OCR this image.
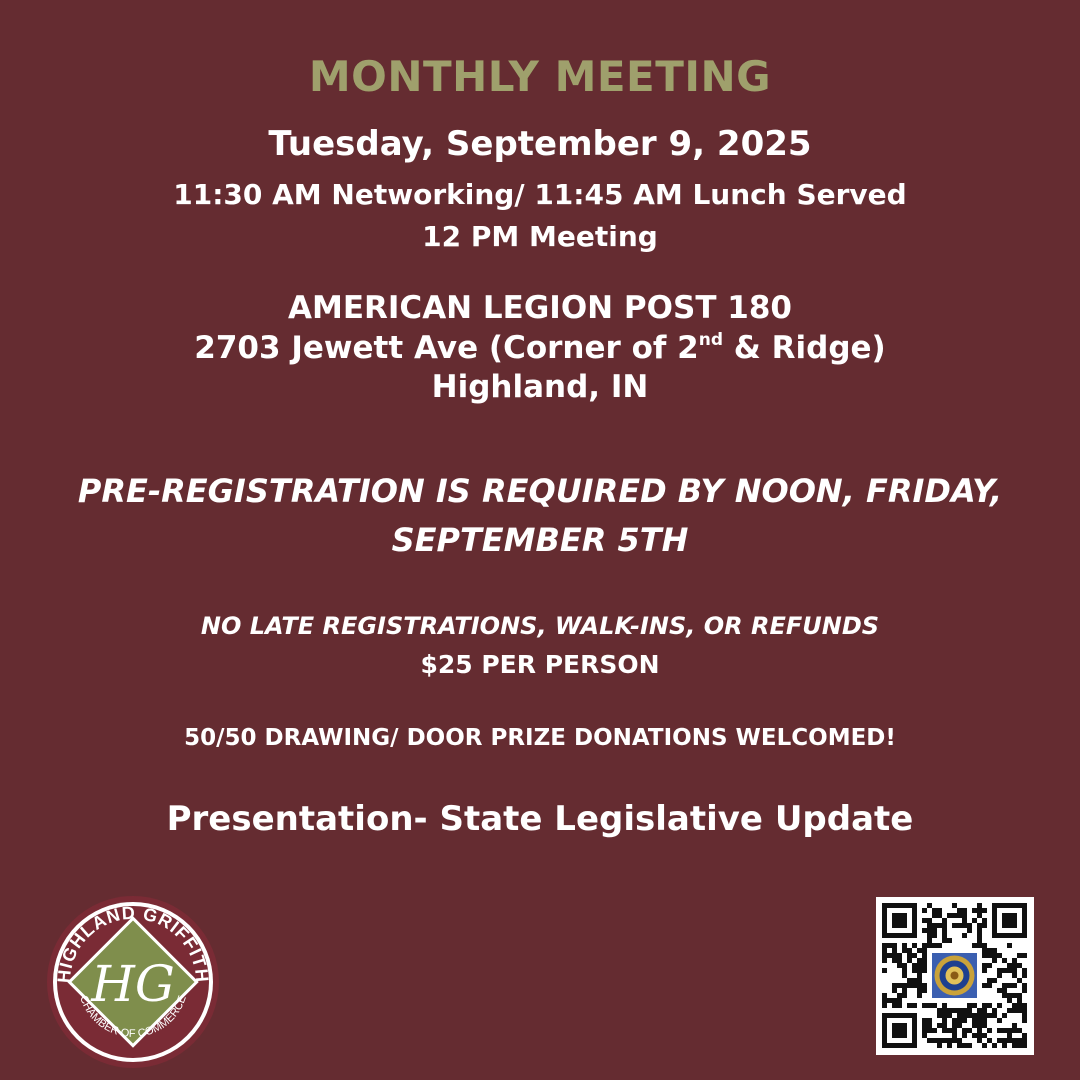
MONTHLY MEETING
Tuesday, September 9, 2025
11:30 AM Networking/ 11:45 AM Lunch Served
12 PM Meeting
AMERICAN LEGION POST 180
2703 Jewett Ave (Corner of 2nd & Ridge)
Highland, IN
PRE-REGISTRATION IS REQUIRED BY NOON, FRIDAY,
SEPTEMBER 5TH
NO LATE REGISTRATIONS, WALK-INS, OR REFUNDS
$25 PER PERSON
50/50 DRAWING/ DOOR PRIZE DONATIONS WELCOMED!
Presentation- State Legislative Update
HIGHLAND GRIFFITH
CHAMBER OF COMMERCE
HG
